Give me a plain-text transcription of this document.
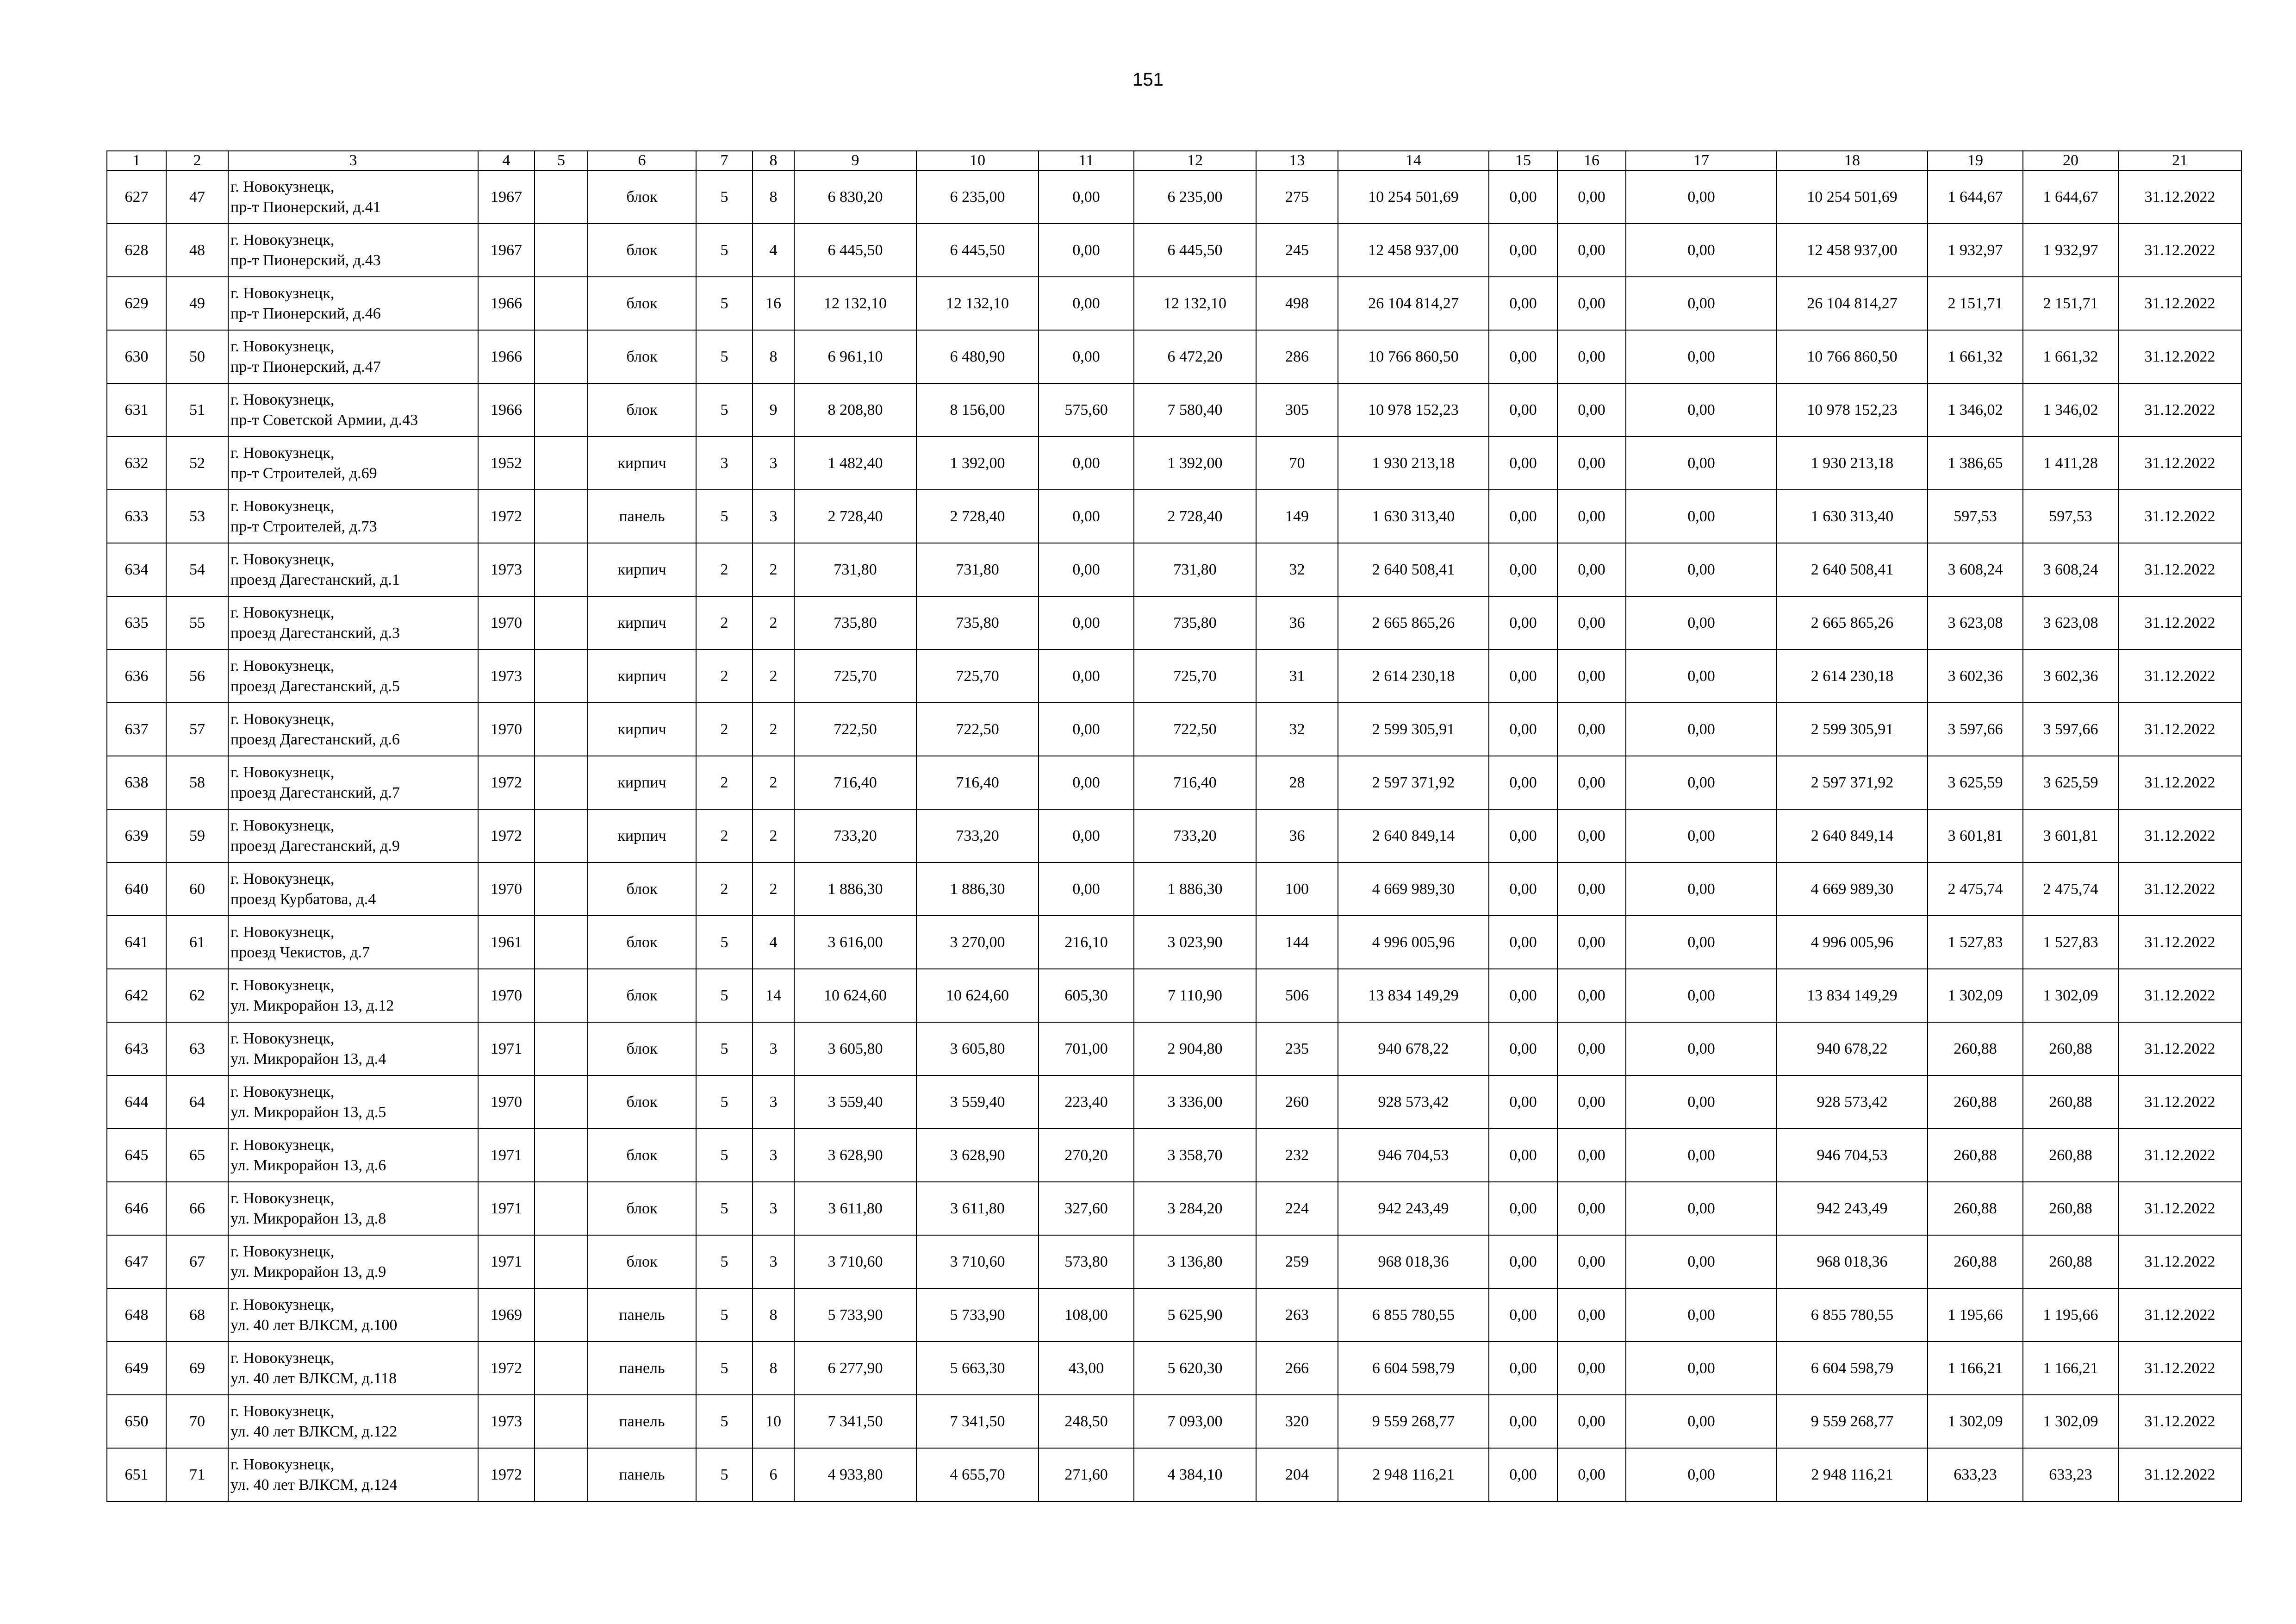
151
1	2	3	4	5	6	7	8	9	10	11	12	13	14	15	16	17	18	19	20	21
627	47	г. Новокузнецк,
пр-т Пионерский, д.41	1967		блок	5	8	6 830,20	6 235,00	0,00	6 235,00	275	10 254 501,69	0,00	0,00	0,00	10 254 501,69	1 644,67	1 644,67	31.12.2022
628	48	г. Новокузнецк,
пр-т Пионерский, д.43	1967		блок	5	4	6 445,50	6 445,50	0,00	6 445,50	245	12 458 937,00	0,00	0,00	0,00	12 458 937,00	1 932,97	1 932,97	31.12.2022
629	49	г. Новокузнецк,
пр-т Пионерский, д.46	1966		блок	5	16	12 132,10	12 132,10	0,00	12 132,10	498	26 104 814,27	0,00	0,00	0,00	26 104 814,27	2 151,71	2 151,71	31.12.2022
630	50	г. Новокузнецк,
пр-т Пионерский, д.47	1966		блок	5	8	6 961,10	6 480,90	0,00	6 472,20	286	10 766 860,50	0,00	0,00	0,00	10 766 860,50	1 661,32	1 661,32	31.12.2022
631	51	г. Новокузнецк,
пр-т Советской Армии, д.43	1966		блок	5	9	8 208,80	8 156,00	575,60	7 580,40	305	10 978 152,23	0,00	0,00	0,00	10 978 152,23	1 346,02	1 346,02	31.12.2022
632	52	г. Новокузнецк,
пр-т Строителей, д.69	1952		кирпич	3	3	1 482,40	1 392,00	0,00	1 392,00	70	1 930 213,18	0,00	0,00	0,00	1 930 213,18	1 386,65	1 411,28	31.12.2022
633	53	г. Новокузнецк,
пр-т Строителей, д.73	1972		панель	5	3	2 728,40	2 728,40	0,00	2 728,40	149	1 630 313,40	0,00	0,00	0,00	1 630 313,40	597,53	597,53	31.12.2022
634	54	г. Новокузнецк,
проезд Дагестанский, д.1	1973		кирпич	2	2	731,80	731,80	0,00	731,80	32	2 640 508,41	0,00	0,00	0,00	2 640 508,41	3 608,24	3 608,24	31.12.2022
635	55	г. Новокузнецк,
проезд Дагестанский, д.3	1970		кирпич	2	2	735,80	735,80	0,00	735,80	36	2 665 865,26	0,00	0,00	0,00	2 665 865,26	3 623,08	3 623,08	31.12.2022
636	56	г. Новокузнецк,
проезд Дагестанский, д.5	1973		кирпич	2	2	725,70	725,70	0,00	725,70	31	2 614 230,18	0,00	0,00	0,00	2 614 230,18	3 602,36	3 602,36	31.12.2022
637	57	г. Новокузнецк,
проезд Дагестанский, д.6	1970		кирпич	2	2	722,50	722,50	0,00	722,50	32	2 599 305,91	0,00	0,00	0,00	2 599 305,91	3 597,66	3 597,66	31.12.2022
638	58	г. Новокузнецк,
проезд Дагестанский, д.7	1972		кирпич	2	2	716,40	716,40	0,00	716,40	28	2 597 371,92	0,00	0,00	0,00	2 597 371,92	3 625,59	3 625,59	31.12.2022
639	59	г. Новокузнецк,
проезд Дагестанский, д.9	1972		кирпич	2	2	733,20	733,20	0,00	733,20	36	2 640 849,14	0,00	0,00	0,00	2 640 849,14	3 601,81	3 601,81	31.12.2022
640	60	г. Новокузнецк,
проезд Курбатова, д.4	1970		блок	2	2	1 886,30	1 886,30	0,00	1 886,30	100	4 669 989,30	0,00	0,00	0,00	4 669 989,30	2 475,74	2 475,74	31.12.2022
641	61	г. Новокузнецк,
проезд Чекистов, д.7	1961		блок	5	4	3 616,00	3 270,00	216,10	3 023,90	144	4 996 005,96	0,00	0,00	0,00	4 996 005,96	1 527,83	1 527,83	31.12.2022
642	62	г. Новокузнецк,
ул. Микрорайон 13, д.12	1970		блок	5	14	10 624,60	10 624,60	605,30	7 110,90	506	13 834 149,29	0,00	0,00	0,00	13 834 149,29	1 302,09	1 302,09	31.12.2022
643	63	г. Новокузнецк,
ул. Микрорайон 13, д.4	1971		блок	5	3	3 605,80	3 605,80	701,00	2 904,80	235	940 678,22	0,00	0,00	0,00	940 678,22	260,88	260,88	31.12.2022
644	64	г. Новокузнецк,
ул. Микрорайон 13, д.5	1970		блок	5	3	3 559,40	3 559,40	223,40	3 336,00	260	928 573,42	0,00	0,00	0,00	928 573,42	260,88	260,88	31.12.2022
645	65	г. Новокузнецк,
ул. Микрорайон 13, д.6	1971		блок	5	3	3 628,90	3 628,90	270,20	3 358,70	232	946 704,53	0,00	0,00	0,00	946 704,53	260,88	260,88	31.12.2022
646	66	г. Новокузнецк,
ул. Микрорайон 13, д.8	1971		блок	5	3	3 611,80	3 611,80	327,60	3 284,20	224	942 243,49	0,00	0,00	0,00	942 243,49	260,88	260,88	31.12.2022
647	67	г. Новокузнецк,
ул. Микрорайон 13, д.9	1971		блок	5	3	3 710,60	3 710,60	573,80	3 136,80	259	968 018,36	0,00	0,00	0,00	968 018,36	260,88	260,88	31.12.2022
648	68	г. Новокузнецк,
ул. 40 лет ВЛКСМ, д.100	1969		панель	5	8	5 733,90	5 733,90	108,00	5 625,90	263	6 855 780,55	0,00	0,00	0,00	6 855 780,55	1 195,66	1 195,66	31.12.2022
649	69	г. Новокузнецк,
ул. 40 лет ВЛКСМ, д.118	1972		панель	5	8	6 277,90	5 663,30	43,00	5 620,30	266	6 604 598,79	0,00	0,00	0,00	6 604 598,79	1 166,21	1 166,21	31.12.2022
650	70	г. Новокузнецк,
ул. 40 лет ВЛКСМ, д.122	1973		панель	5	10	7 341,50	7 341,50	248,50	7 093,00	320	9 559 268,77	0,00	0,00	0,00	9 559 268,77	1 302,09	1 302,09	31.12.2022
651	71	г. Новокузнецк,
ул. 40 лет ВЛКСМ, д.124	1972		панель	5	6	4 933,80	4 655,70	271,60	4 384,10	204	2 948 116,21	0,00	0,00	0,00	2 948 116,21	633,23	633,23	31.12.2022
